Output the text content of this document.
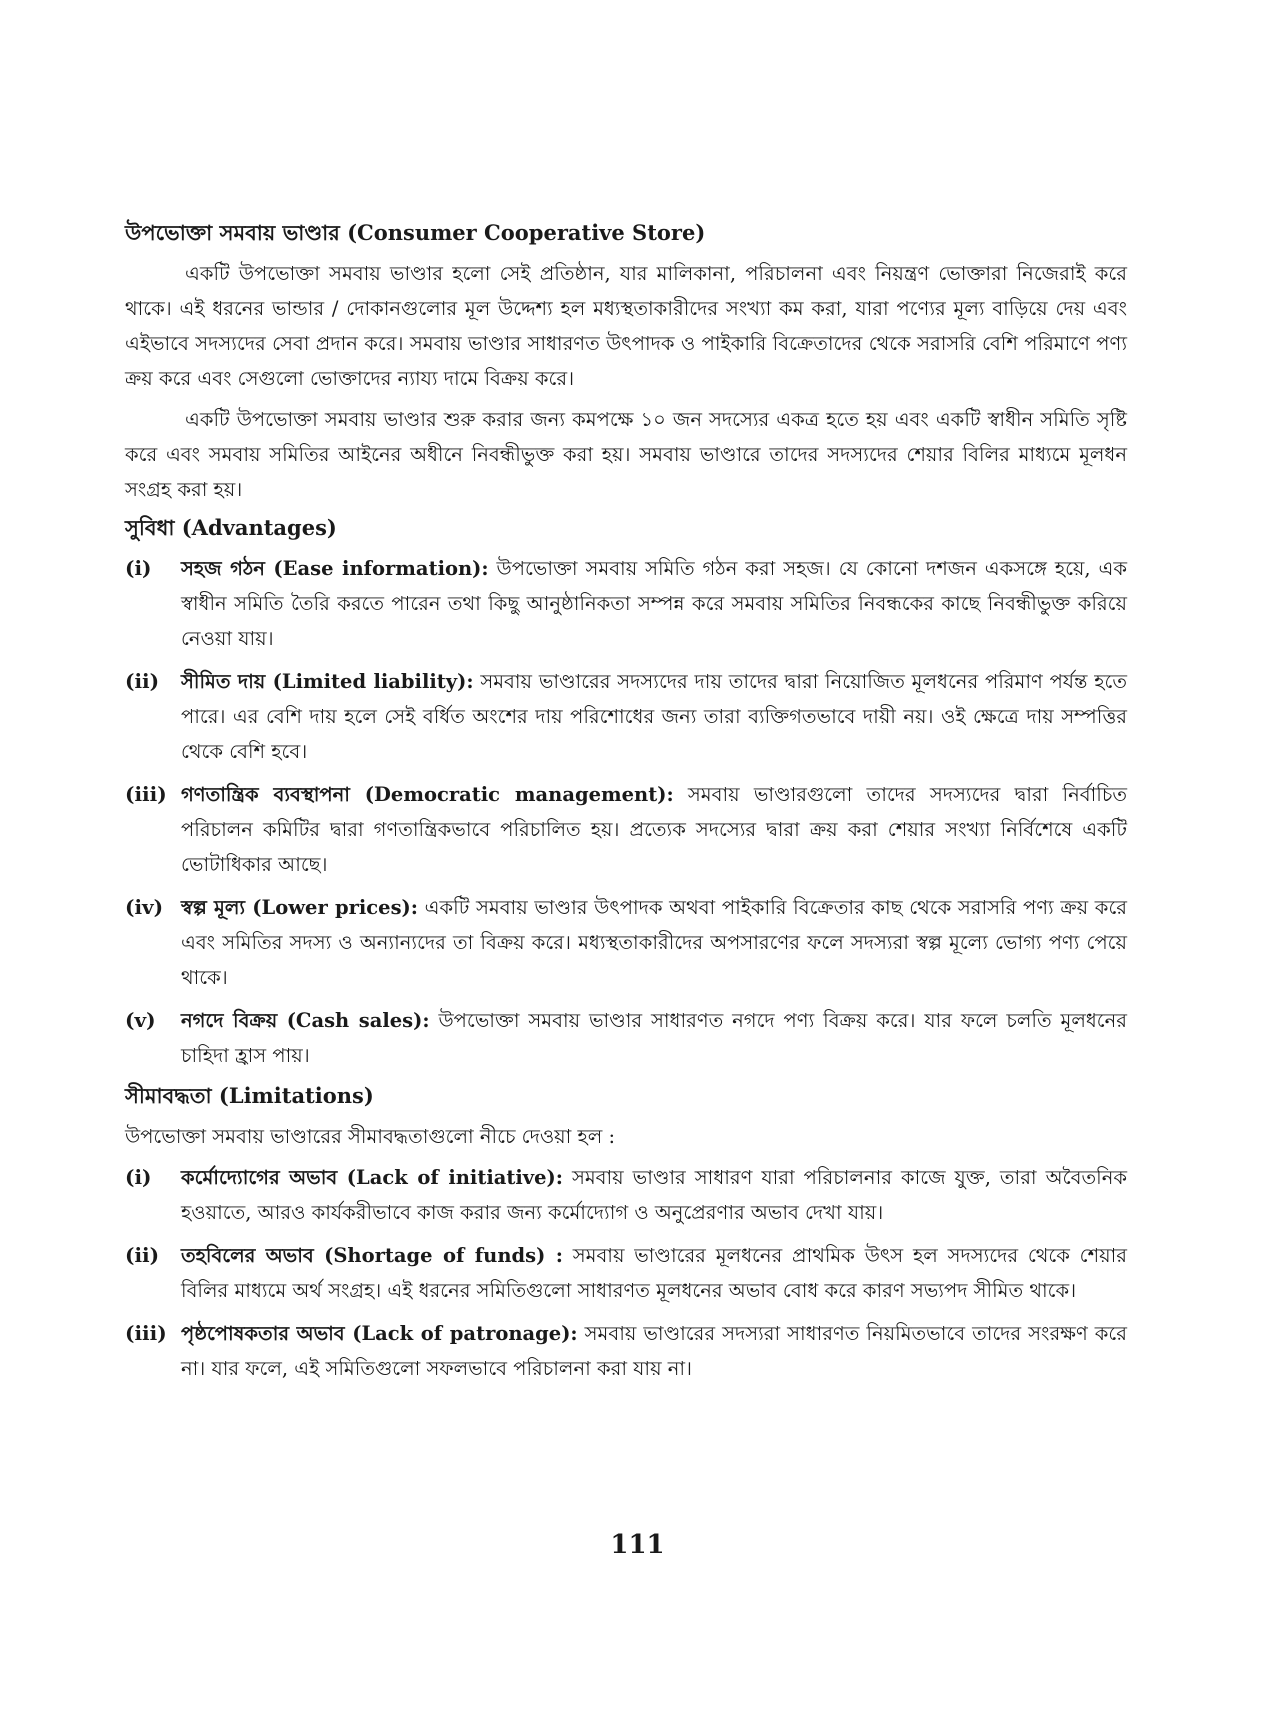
উপভোক্তা সমবায় ভাণ্ডার (Consumer Cooperative Store)

একটি উপভোক্তা সমবায় ভাণ্ডার হলো সেই প্রতিষ্ঠান, যার মালিকানা, পরিচালনা এবং নিয়ন্ত্রণ ভোক্তারা নিজেরাই করে থাকে। এই ধরনের ভান্ডার / দোকানগুলোর মূল উদ্দেশ্য হল মধ্যস্থতাকারীদের সংখ্যা কম করা, যারা পণ্যের মূল্য বাড়িয়ে দেয় এবং এইভাবে সদস্যদের সেবা প্রদান করে। সমবায় ভাণ্ডার সাধারণত উৎপাদক ও পাইকারি বিক্রেতাদের থেকে সরাসরি বেশি পরিমাণে পণ্য ক্রয় করে এবং সেগুলো ভোক্তাদের ন্যায্য দামে বিক্রয় করে।

একটি উপভোক্তা সমবায় ভাণ্ডার শুরু করার জন্য কমপক্ষে ১০ জন সদস্যের একত্র হতে হয় এবং একটি স্বাধীন সমিতি সৃষ্টি করে এবং সমবায় সমিতির আইনের অধীনে নিবন্ধীভুক্ত করা হয়। সমবায় ভাণ্ডারে তাদের সদস্যদের শেয়ার বিলির মাধ্যমে মূলধন সংগ্রহ করা হয়।

সুবিধা (Advantages)
(i)	সহজ গঠন (Ease information): উপভোক্তা সমবায় সমিতি গঠন করা সহজ। যে কোনো দশজন একসঙ্গে হয়ে, এক স্বাধীন সমিতি তৈরি করতে পারেন তথা কিছু আনুষ্ঠানিকতা সম্পন্ন করে সমবায় সমিতির নিবন্ধকের কাছে নিবন্ধীভুক্ত করিয়ে নেওয়া যায়।
(ii)	সীমিত দায় (Limited liability): সমবায় ভাণ্ডারের সদস্যদের দায় তাদের দ্বারা নিয়োজিত মূলধনের পরিমাণ পর্যন্ত হতে পারে। এর বেশি দায় হলে সেই বর্ধিত অংশের দায় পরিশোধের জন্য তারা ব্যক্তিগতভাবে দায়ী নয়। ওই ক্ষেত্রে দায় সম্পত্তির থেকে বেশি হবে।
(iii) গণতান্ত্রিক ব্যবস্থাপনা (Democratic management): সমবায় ভাণ্ডারগুলো তাদের সদস্যদের দ্বারা নির্বাচিত পরিচালন কমিটির দ্বারা গণতান্ত্রিকভাবে পরিচালিত হয়। প্রত্যেক সদস্যের দ্বারা ক্রয় করা শেয়ার সংখ্যা নির্বিশেষে একটি ভোটাধিকার আছে।
(iv) স্বল্প মূল্য (Lower prices): একটি সমবায় ভাণ্ডার উৎপাদক অথবা পাইকারি বিক্রেতার কাছ থেকে সরাসরি পণ্য ক্রয় করে এবং সমিতির সদস্য ও অন্যান্যদের তা বিক্রয় করে। মধ্যস্থতাকারীদের অপসারণের ফলে সদস্যরা স্বল্প মূল্যে ভোগ্য পণ্য পেয়ে থাকে।
(v)	নগদে বিক্রয় (Cash sales): উপভোক্তা সমবায় ভাণ্ডার সাধারণত নগদে পণ্য বিক্রয় করে। যার ফলে চলতি মূলধনের চাহিদা হ্রাস পায়।
সীমাবদ্ধতা (Limitations)

উপভোক্তা সমবায় ভাণ্ডারের সীমাবদ্ধতাগুলো নীচে দেওয়া হল :

(i)	কর্মোদ্যোগের অভাব (Lack of initiative): সমবায় ভাণ্ডার সাধারণ যারা পরিচালনার কাজে যুক্ত, তারা অবৈতনিক হওয়াতে, আরও কার্যকরীভাবে কাজ করার জন্য কর্মোদ্যোগ ও অনুপ্রেরণার অভাব দেখা যায়।
(ii)	তহবিলের অভাব (Shortage of funds) : সমবায় ভাণ্ডারের মূলধনের প্রাথমিক উৎস হল সদস্যদের থেকে শেয়ার বিলির মাধ্যমে অর্থ সংগ্রহ। এই ধরনের সমিতিগুলো সাধারণত মূলধনের অভাব বোধ করে কারণ সভ্যপদ সীমিত থাকে।
(iii) পৃষ্ঠপোষকতার অভাব (Lack of patronage): সমবায় ভাণ্ডারের সদস্যরা সাধারণত নিয়মিতভাবে তাদের সংরক্ষণ করে না। যার ফলে, এই সমিতিগুলো সফলভাবে পরিচালনা করা যায় না।
111
